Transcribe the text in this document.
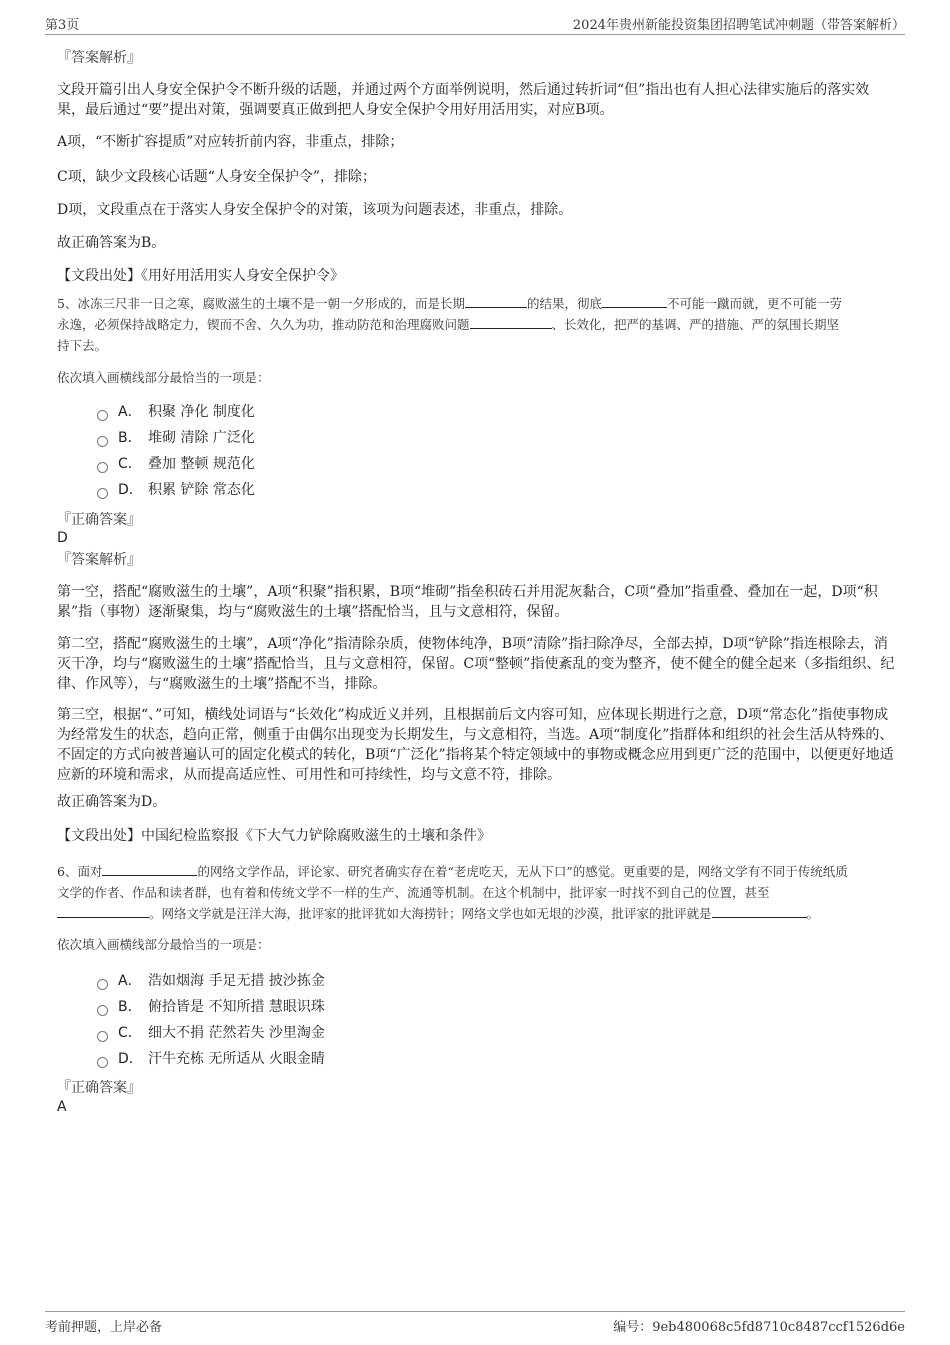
第3页	2024年贵州新能投资集团招聘笔试冲刺题（带答案解析）
『答案解析』
文段开篇引出人身安全保护令不断升级的话题，并通过两个方面举例说明，然后通过转折词“但”指出也有人担心法律实施后的落实效果，最后通过“要”提出对策，强调要真正做到把人身安全保护令用好用活用实，对应B项。
A项，“不断扩容提质”对应转折前内容，非重点，排除；
C项，缺少文段核心话题“人身安全保护令”，排除；
D项，文段重点在于落实人身安全保护令的对策，该项为问题表述，非重点，排除。
故正确答案为B。
【文段出处】《用好用活用实人身安全保护令》
5、冰冻三尺非一日之寒，腐败滋生的土壤不是一朝一夕形成的，而是长期	的结果，彻底	不可能一蹴而就，更不可能一劳
永逸，必须保持战略定力，锲而不舍、久久为功，推动防范和治理腐败问题	、长效化，把严的基调、严的措施、严的氛围长期坚
持下去。
依次填入画横线部分最恰当的一项是：
A． 积聚 净化 制度化
B． 堆砌 清除 广泛化
C． 叠加 整顿 规范化
D． 积累 铲除 常态化
『正确答案』
D
『答案解析』
第一空，搭配“腐败滋生的土壤”，A项“积聚”指积累，B项“堆砌”指垒积砖石并用泥灰黏合，C项“叠加”指重叠、叠加在一起，D项“积累”指（事物）逐渐聚集，均与“腐败滋生的土壤”搭配恰当，且与文意相符，保留。
第二空，搭配“腐败滋生的土壤”，A项“净化”指清除杂质，使物体纯净，B项“清除”指扫除净尽，全部去掉，D项“铲除”指连根除去，消灭干净，均与“腐败滋生的土壤”搭配恰当，且与文意相符，保留。C项“整顿”指使紊乱的变为整齐，使不健全的健全起来（多指组织、纪律、作风等），与“腐败滋生的土壤”搭配不当，排除。
第三空，根据“、”可知，横线处词语与“长效化”构成近义并列，且根据前后文内容可知，应体现长期进行之意，D项“常态化”指使事物成为经常发生的状态，趋向正常，侧重于由偶尔出现变为长期发生，与文意相符，当选。A项“制度化”指群体和组织的社会生活从特殊的、不固定的方式向被普遍认可的固定化模式的转化，B项“广泛化”指将某个特定领域中的事物或概念应用到更广泛的范围中，以便更好地适应新的环境和需求，从而提高适应性、可用性和可持续性，均与文意不符，排除。
故正确答案为D。
【文段出处】中国纪检监察报《下大气力铲除腐败滋生的土壤和条件》
6、面对	的网络文学作品，评论家、研究者确实存在着“老虎吃天，无从下口”的感觉。更重要的是，网络文学有不同于传统纸质
文学的作者、作品和读者群，也有着和传统文学不一样的生产、流通等机制。在这个机制中，批评家一时找不到自己的位置，甚至
。网络文学就是汪洋大海，批评家的批评犹如大海捞针；网络文学也如无垠的沙漠，批评家的批评就是	。
依次填入画横线部分最恰当的一项是：
A． 浩如烟海 手足无措 披沙拣金
B． 俯拾皆是 不知所措 慧眼识珠
C． 细大不捐 茫然若失 沙里淘金
D． 汗牛充栋 无所适从 火眼金睛
『正确答案』
A
考前押题，上岸必备	编号：9eb480068c5fd8710c8487ccf1526d6e
